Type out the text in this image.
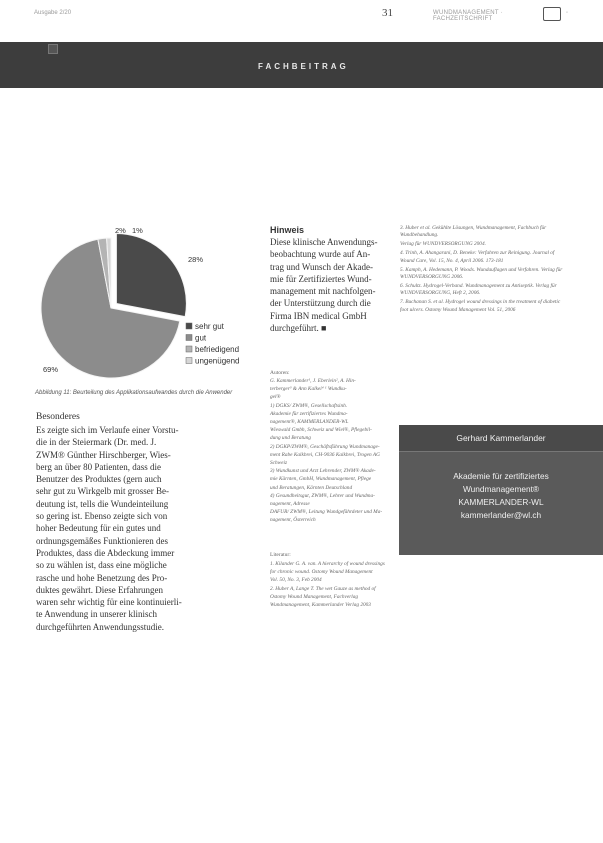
Ausgabe 2/20	31	WUNDMANAGEMENT · FACHZEITSCHRIFT
◦
FACHBEITRAG
28%
69%
2% 1%
sehr gut
gut
befriedigend
ungenügend
Abbildung 11: Beurteilung des Applikationsaufwandes durch die Anwender
Besonderes

Es zeigte sich im Verlaufe einer Vorstu-

die in der Steiermark (Dr. med. J.

ZWM® Günther Hirschberger, Wies-

berg an über 80 Patienten, dass die

Benutzer des Produktes (gern auch

sehr gut zu Wirkgelb mit grosser Be-

deutung ist, tells die Wundeinteilung

so gering ist. Ebenso zeigte sich von

hoher Bedeutung für ein gutes und

ordnungsgemäßes Funktionieren des

Produktes, dass die Abdeckung immer

so zu wählen ist, dass eine mögliche

rasche und hohe Benetzung des Pro-

duktes gewährt. Diese Erfahrungen

waren sehr wichtig für eine kontinuierli-

te Anwendung in unserer klinisch

durchgeführten Anwendungsstudie.

Hinweis

Diese klinische Anwendungs-

beobachtung wurde auf An-

trag und Wunsch der Akade-

mie für Zertifiziertes Wund-

management mit nachfolgen-

der Unterstützung durch die

Firma IBN medical GmbH

durchgeführt. ■

Autoren:

G. Kammerlander¹, J. Eberlein², A. Hin-

terberger³ & Ann Kalkei⁴ ¹ Wundku-

gel®

1) DGKS/ ZWM®, Gesellschaftsinh.

Akademie für zertifiziertes Wundma-

nagement®, KAMMERLANDER-WL

Wieswald Gmbh, Schweiz und Wiel®, Pflegebil-

dung und Beratung

2) DGKP/ZWM®, Geschäftsführung Wundmanage-

ment Rabe Kalkbrei, CH-9036 Kalkbrei, Trogen AG

Schweiz

3) Wundkunst und Arzt Lehrender, ZWM® Akade-

mie Kärnten, GmbH, Wundmanagement, Pflege

und Beratungen, Kärnten Deutschland

4) Gesundheitsgut, ZWM®, Lehrer und Wundma-

nagement, Adresse

DAFUR/ ZWM®, Leitung Wundgefährdeter und Ma-

nagement, Österreich

Literatur:

1. Kilander G. A. van. A hierarchy of wound dressings

for chronic wound. Ostomy Wound Management

Vol. 50, No. 3, Feb 2004

2. Huber A, Lange T. The wet Gauze as method of

Ostomy Wound Management, Fachverlag

Wundmanagement, Kammerlander Verlag 2003

3. Huber et al. Gekühlte Lösungen, Wundmanagement, Fachbuch für Wundbehandlung.

Verlag für WUNDVERSORGUNG 2004.

4. Trinh, A. Ahangarani, D. Beneke: Verfahren zur Reinigung. Journal of Wound Care, Vol. 15, No. 4, April 2006. 173-181

5. Kamph, A. Hedemann, P. Woods. Wundauflagen und Verfahren. Verlag für WUNDVERSORGUNG 2006.

6. Schultz. Hydrogel-Verband. Wundmanagement zu Antiseptik. Verlag für WUNDVERSORGUNG, Heft 2, 2006.

7. Buchanan S. et al. Hydrogel wound dressings in the treatment of diabetic foot ulcers. Ostomy Wound Management Vol. 51, 2006

Gerhard Kammerlander
Akademie für zertifiziertes
Wundmanagement®
KAMMERLANDER-WL
kammerlander@wl.ch
